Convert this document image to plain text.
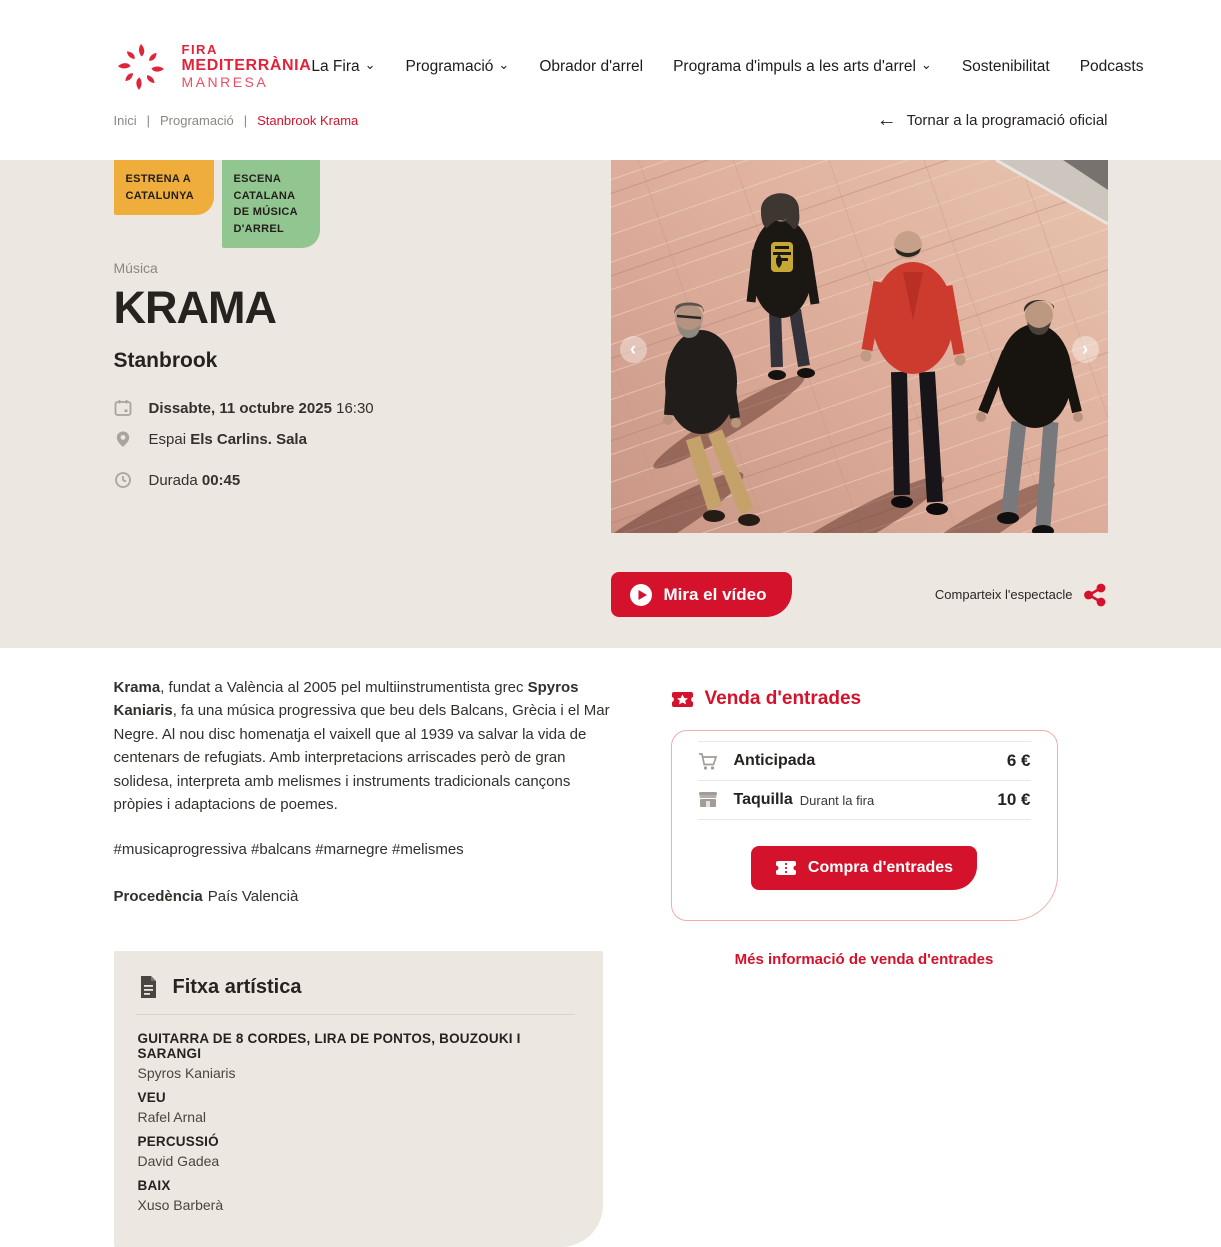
FIRA
MEDITERRÀNIA
MANRESA
La Fira ⌄ Programació ⌄ Obrador d'arrel Programa d'impuls a les arts d'arrel ⌄ Sostenibilitat Podcasts
Inici | Programació | Stanbrook Krama	← Tornar a la programació oficial
ESTRENA A CATALUNYA
ESCENA CATALANA DE MÚSICA D'ARREL
Música
KRAMA
Stanbrook
Dissabte, 11 octubre 2025 16:30
Espai Els Carlins. Sala
Durada 00:45
‹	›
Mira el vídeo	Comparteix l'espectacle

Krama, fundat a València al 2005 pel multiinstrumentista grec Spyros Kaniaris, fa una música progressiva que beu dels Balcans, Grècia i el Mar Negre. Al nou disc homenatja el vaixell que al 1939 va salvar la vida de centenars de refugiats. Amb interpretacions arriscades però de gran solidesa, interpreta amb melismes i instruments tradicionals cançons pròpies i adaptacions de poemes.

#musicaprogressiva #balcans #marnegre #melismes
Procedència País Valencià
Fitxa artística
GUITARRA DE 8 CORDES, LIRA DE PONTOS, BOUZOUKI I SARANGI
Spyros Kaniaris
VEU
Rafel Arnal
PERCUSSIÓ
David Gadea
BAIX
Xuso Barberà
Venda d'entrades
Anticipada	6 €
Taquilla Durant la fira	10 €
Compra d'entrades
Més informació de venda d'entrades
